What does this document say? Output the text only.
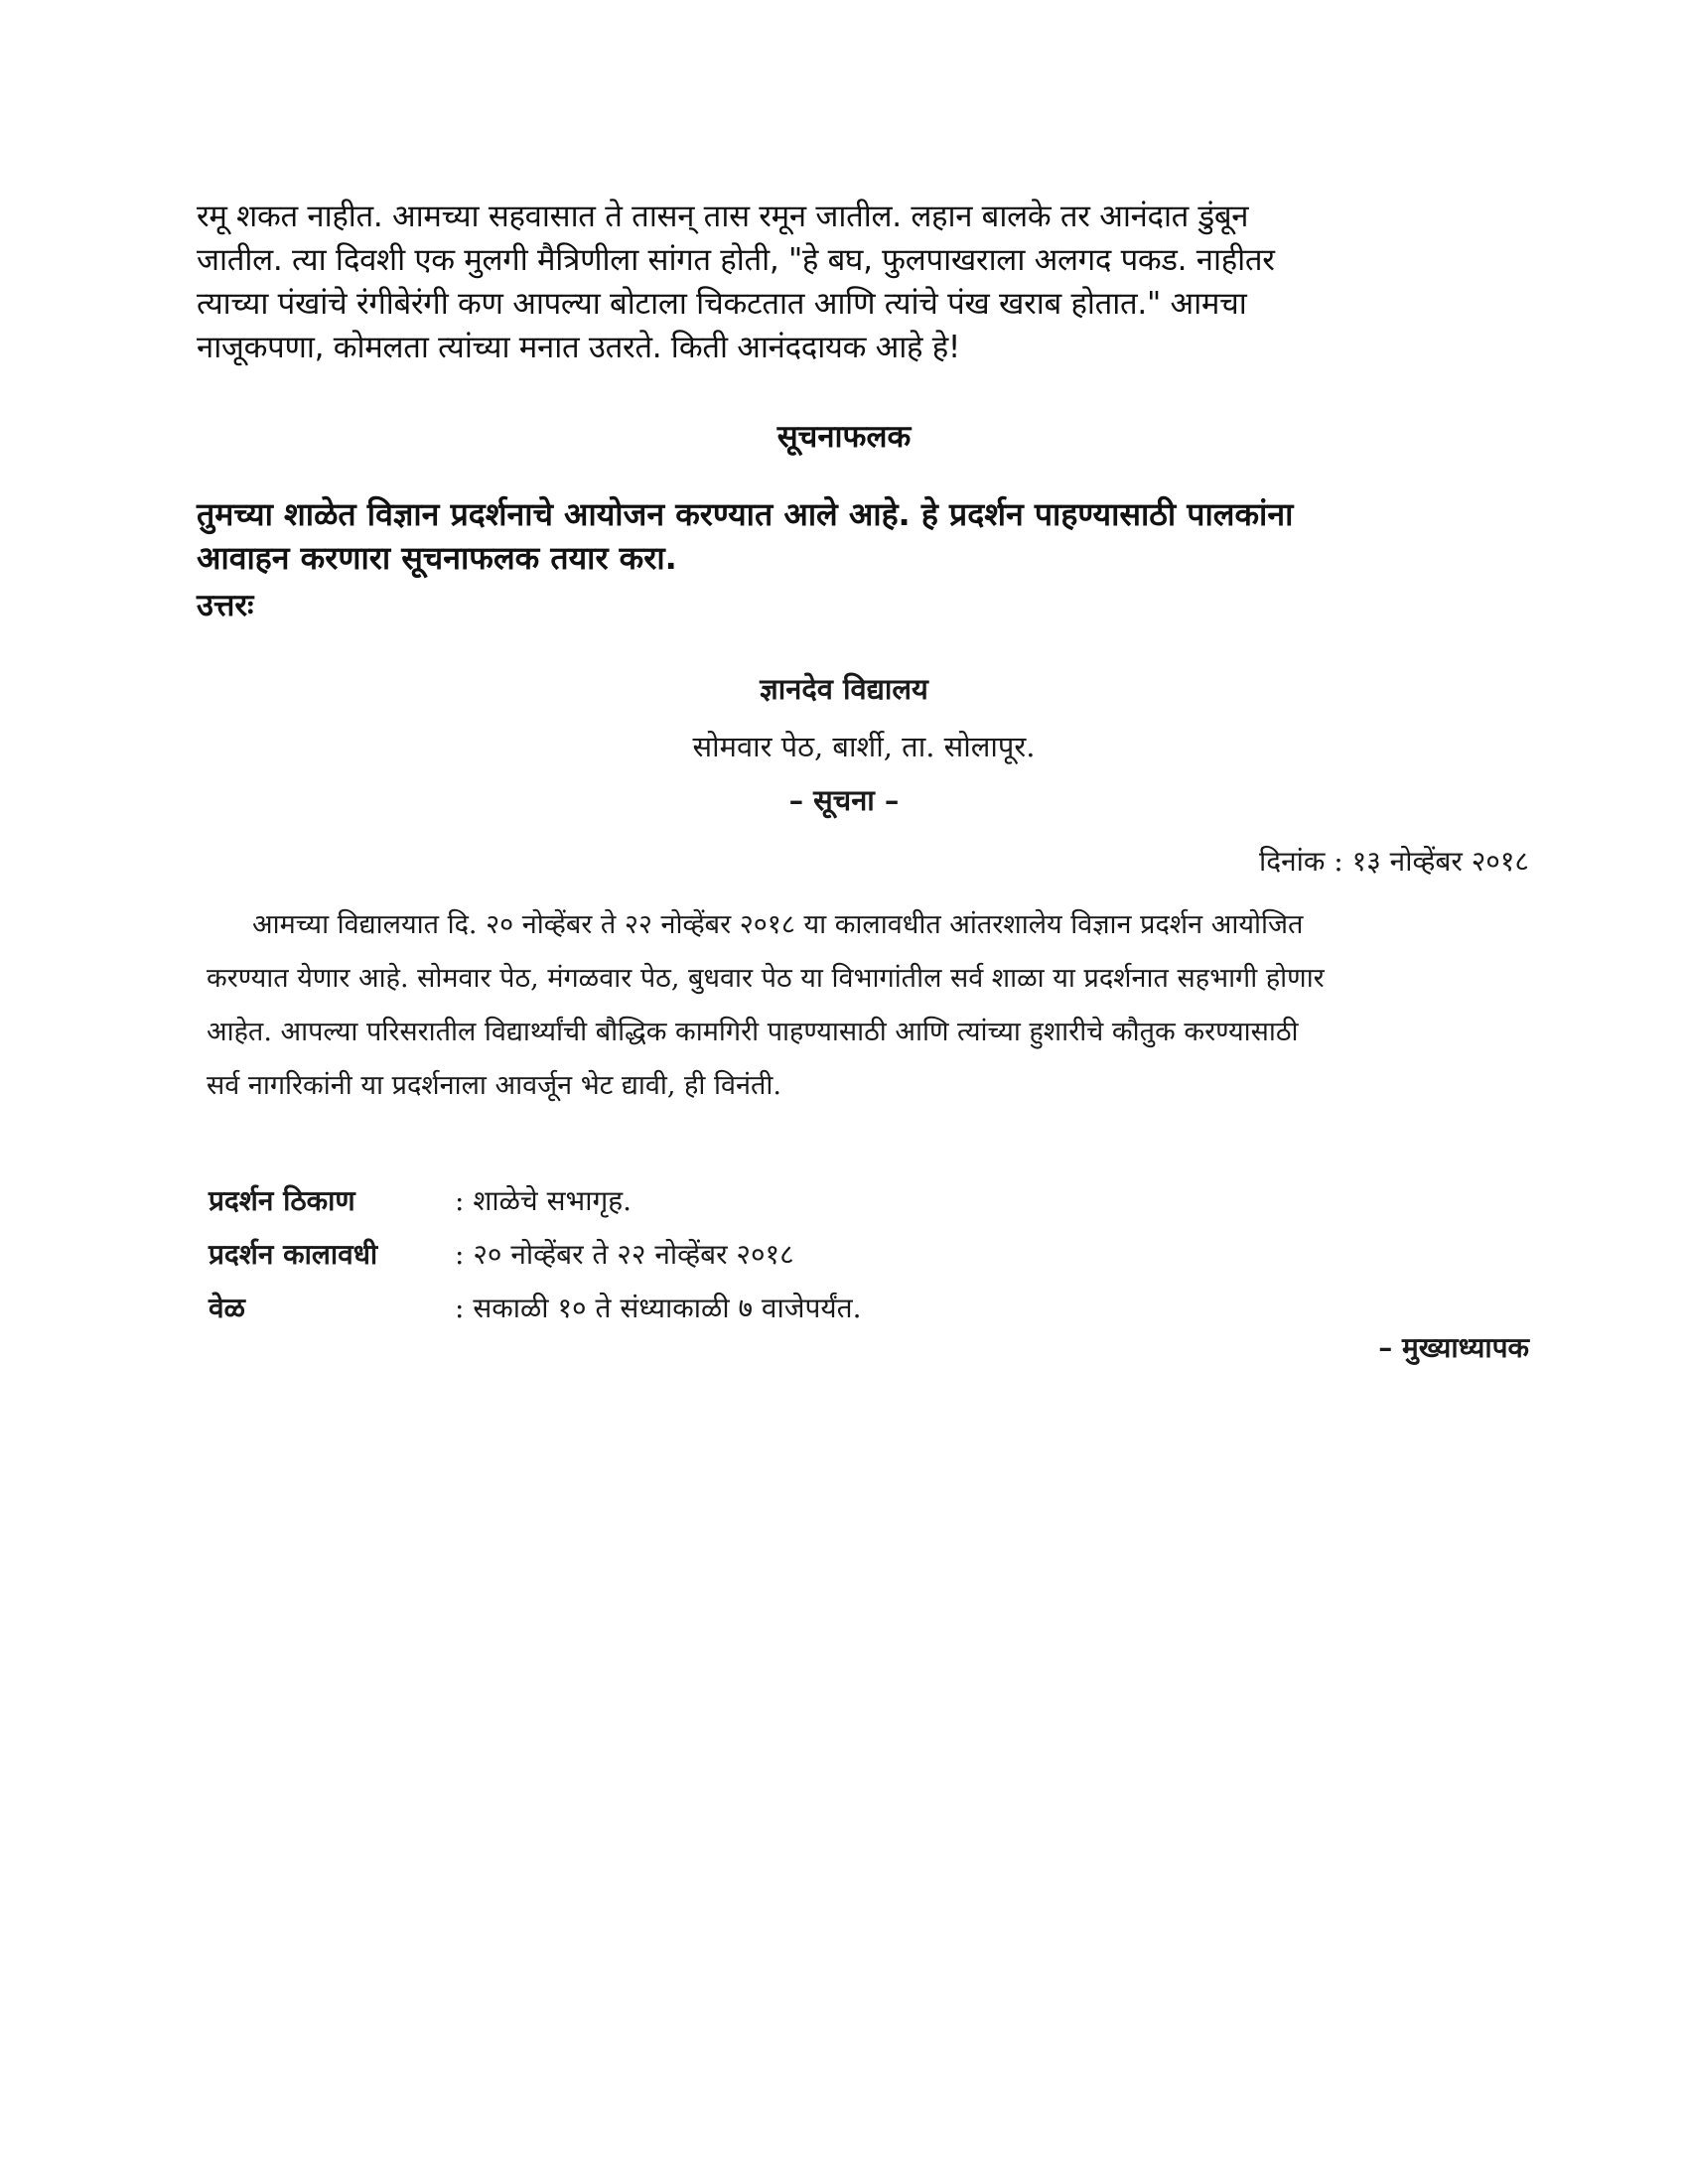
रमू शकत नाहीत. आमच्या सहवासात ते तासन् तास रमून जातील. लहान बालके तर आनंदात डुंबून
जातील. त्या दिवशी एक मुलगी मैत्रिणीला सांगत होती, "हे बघ, फुलपाखराला अलगद पकड. नाहीतर
त्याच्या पंखांचे रंगीबेरंगी कण आपल्या बोटाला चिकटतात आणि त्यांचे पंख खराब होतात." आमचा
नाजूकपणा, कोमलता त्यांच्या मनात उतरते. किती आनंददायक आहे हे!
सूचनाफलक
तुमच्या शाळेत विज्ञान प्रदर्शनाचे आयोजन करण्यात आले आहे. हे प्रदर्शन पाहण्यासाठी पालकांना
आवाहन करणारा सूचनाफलक तयार करा.
उत्तरः
ज्ञानदेव विद्यालय
सोमवार पेठ, बार्शी, ता. सोलापूर.
– सूचना –
दिनांक : १३ नोव्हेंबर २०१८
आमच्या विद्यालयात दि. २० नोव्हेंबर ते २२ नोव्हेंबर २०१८ या कालावधीत आंतरशालेय विज्ञान प्रदर्शन आयोजित
करण्यात येणार आहे. सोमवार पेठ, मंगळवार पेठ, बुधवार पेठ या विभागांतील सर्व शाळा या प्रदर्शनात सहभागी होणार
आहेत. आपल्या परिसरातील विद्यार्थ्यांची बौद्धिक कामगिरी पाहण्यासाठी आणि त्यांच्या हुशारीचे कौतुक करण्यासाठी
सर्व नागरिकांनी या प्रदर्शनाला आवर्जून भेट द्यावी, ही विनंती.
प्रदर्शन ठिकाण	: शाळेचे सभागृह.
प्रदर्शन कालावधी	: २० नोव्हेंबर ते २२ नोव्हेंबर २०१८
वेळ	: सकाळी १० ते संध्याकाळी ७ वाजेपर्यंत.
– मुख्याध्यापक
